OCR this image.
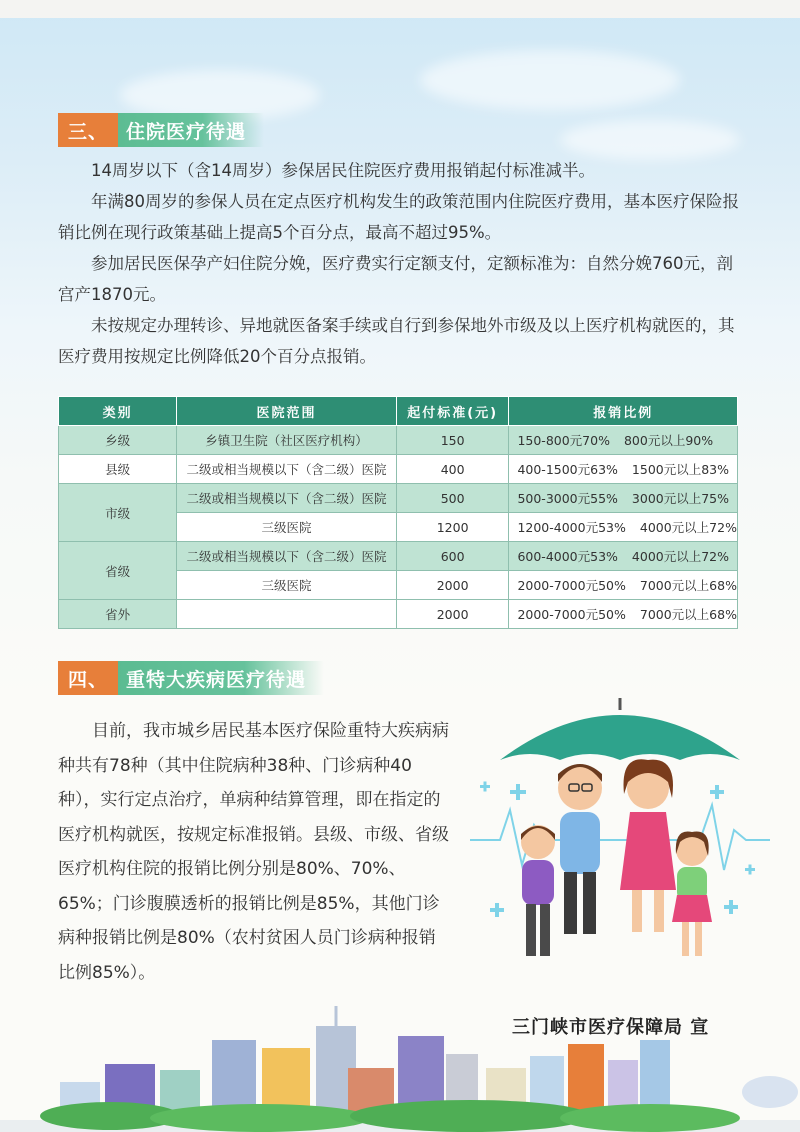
三、 住院医疗待遇

14周岁以下（含14周岁）参保居民住院医疗费用报销起付标准减半。

年满80周岁的参保人员在定点医疗机构发生的政策范围内住院医疗费用，基本医疗保险报销比例在现行政策基础上提高5个百分点，最高不超过95%。

参加居民医保孕产妇住院分娩，医疗费实行定额支付，定额标准为：自然分娩760元，剖宫产1870元。

未按规定办理转诊、异地就医备案手续或自行到参保地外市级及以上医疗机构就医的，其医疗费用按规定比例降低20个百分点报销。

类别	医院范围	起付标准(元)	报销比例
乡级	乡镇卫生院（社区医疗机构）	150	150-800元70% 800元以上90%
县级	二级或相当规模以下（含二级）医院	400	400-1500元63% 1500元以上83%
市级	二级或相当规模以下（含二级）医院	500	500-3000元55% 3000元以上75%
	三级医院	1200	1200-4000元53% 4000元以上72%
省级	二级或相当规模以下（含二级）医院	600	600-4000元53% 4000元以上72%
	三级医院	2000	2000-7000元50% 7000元以上68%
省外		2000	2000-7000元50% 7000元以上68%
四、 重特大疾病医疗待遇

目前，我市城乡居民基本医疗保险重特大疾病病种共有78种（其中住院病种38种、门诊病种40种），实行定点治疗，单病种结算管理，即在指定的医疗机构就医，按规定标准报销。县级、市级、省级医疗机构住院的报销比例分别是80%、70%、65%；门诊腹膜透析的报销比例是85%，其他门诊病种报销比例是80%（农村贫困人员门诊病种报销比例85%）。

三门峡市医疗保障局 宣
